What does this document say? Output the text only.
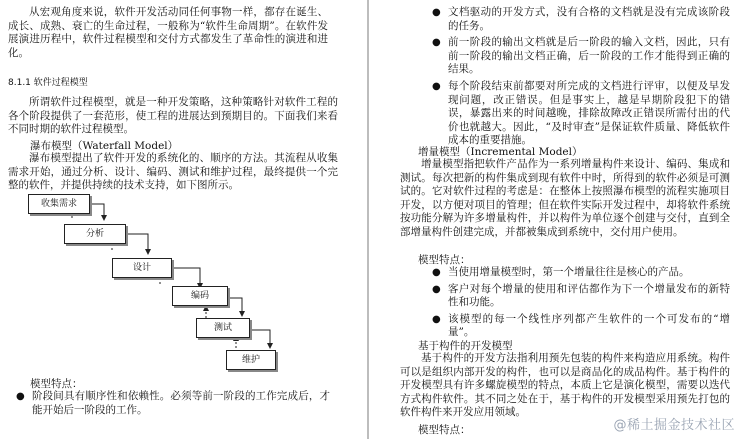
从宏观角度来说，软件开发活动同任何事物一样，都存在诞生、成长、成熟、衰亡的生命过程，一般称为“软件生命周期”。在软件发展演进历程中，软件过程模型和交付方式都发生了革命性的演进和进化。

8.1.1 软件过程模型

所谓软件过程模型，就是一种开发策略，这种策略针对软件工程的各个阶段提供了一套范形，使工程的进展达到预期目的。下面我们来看不同时期的软件过程模型。

瀑布模型（Waterfall Model）

瀑布模型提出了软件开发的系统化的、顺序的方法。其流程从收集需求开始，通过分析、设计、编码、测试和维护过程，最终提供一个完整的软件，并提供持续的技术支持，如下图所示。

收集需求
分析
设计
编码
测试
维护
模型特点：
● 阶段间具有顺序性和依赖性。必须等前一阶段的工作完成后，才能开始后一阶段的工作。
● 文档驱动的开发方式，没有合格的文档就是没有完成该阶段的任务。
● 前一阶段的输出文档就是后一阶段的输入文档，因此，只有前一阶段的输出文档正确，后一阶段的工作才能得到正确的结果。
● 每个阶段结束前都要对所完成的文档进行评审，以便及早发现问题，改正错误。但是事实上，越是早期阶段犯下的错误，暴露出来的时间越晚，排除故障改正错误所需付出的代价也就越大。因此，“及时审查”是保证软件质量、降低软件成本的重要措施。
增量模型（Incremental Model）

增量模型指把软件产品作为一系列增量构件来设计、编码、集成和测试。每次把新的构件集成到现有软件中时，所得到的软件必须是可测试的。它对软件过程的考虑是：在整体上按照瀑布模型的流程实施项目开发，以方便对项目的管理；但在软件实际开发过程中，却将软件系统按功能分解为许多增量构件，并以构件为单位逐个创建与交付，直到全部增量构件创建完成，并都被集成到系统中，交付用户使用。

模型特点：
● 当使用增量模型时，第一个增量往往是核心的产品。
● 客户对每个增量的使用和评估都作为下一个增量发布的新特性和功能。
● 该模型的每一个线性序列都产生软件的一个可发布的“增量”。
基于构件的开发模型

基于构件的开发方法指利用预先包装的构件来构造应用系统。构件可以是组织内部开发的构件，也可以是商品化的成品构件。基于构件的开发模型具有许多螺旋模型的特点，本质上它是演化模型，需要以迭代方式构件软件。其不同之处在于，基于构件的开发模型采用预先打包的软件构件来开发应用领域。

模型特点：	@稀土掘金技术社区
